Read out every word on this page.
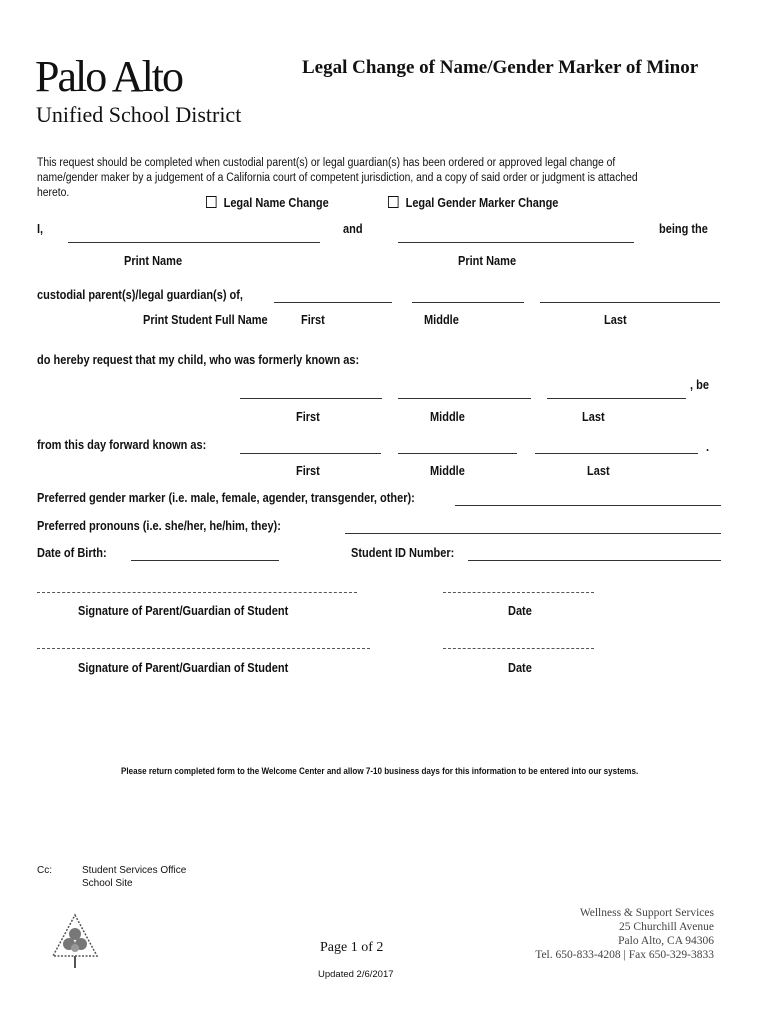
Palo Alto
Unified School District
Legal Change of Name/Gender Marker of Minor
This request should be completed when custodial parent(s) or legal guardian(s) has been ordered or approved legal change of name/gender maker by a judgement of a California court of competent jurisdiction, and a copy of said order or judgment is attached hereto.
Legal Name Change	Legal Gender Marker Change
I,	and	being the
Print Name	Print Name
custodial parent(s)/legal guardian(s) of,
Print Student Full Name	First	Middle	Last
do hereby request that my child, who was formerly known as:
, be
First	Middle	Last
from this day forward known as:	.
First	Middle	Last
Preferred gender marker (i.e. male, female, agender, transgender, other):
Preferred pronouns (i.e. she/her, he/him, they):
Date of Birth:	Student ID Number:
Signature of Parent/Guardian of Student	Date
Signature of Parent/Guardian of Student	Date
Please return completed form to the Welcome Center and allow 7-10 business days for this information to be entered into our systems.
Cc:	Student Services Office
School Site
Page 1 of 2
Updated 2/6/2017
Wellness & Support Services
25 Churchill Avenue
Palo Alto, CA 94306
Tel. 650-833-4208 | Fax 650-329-3833
